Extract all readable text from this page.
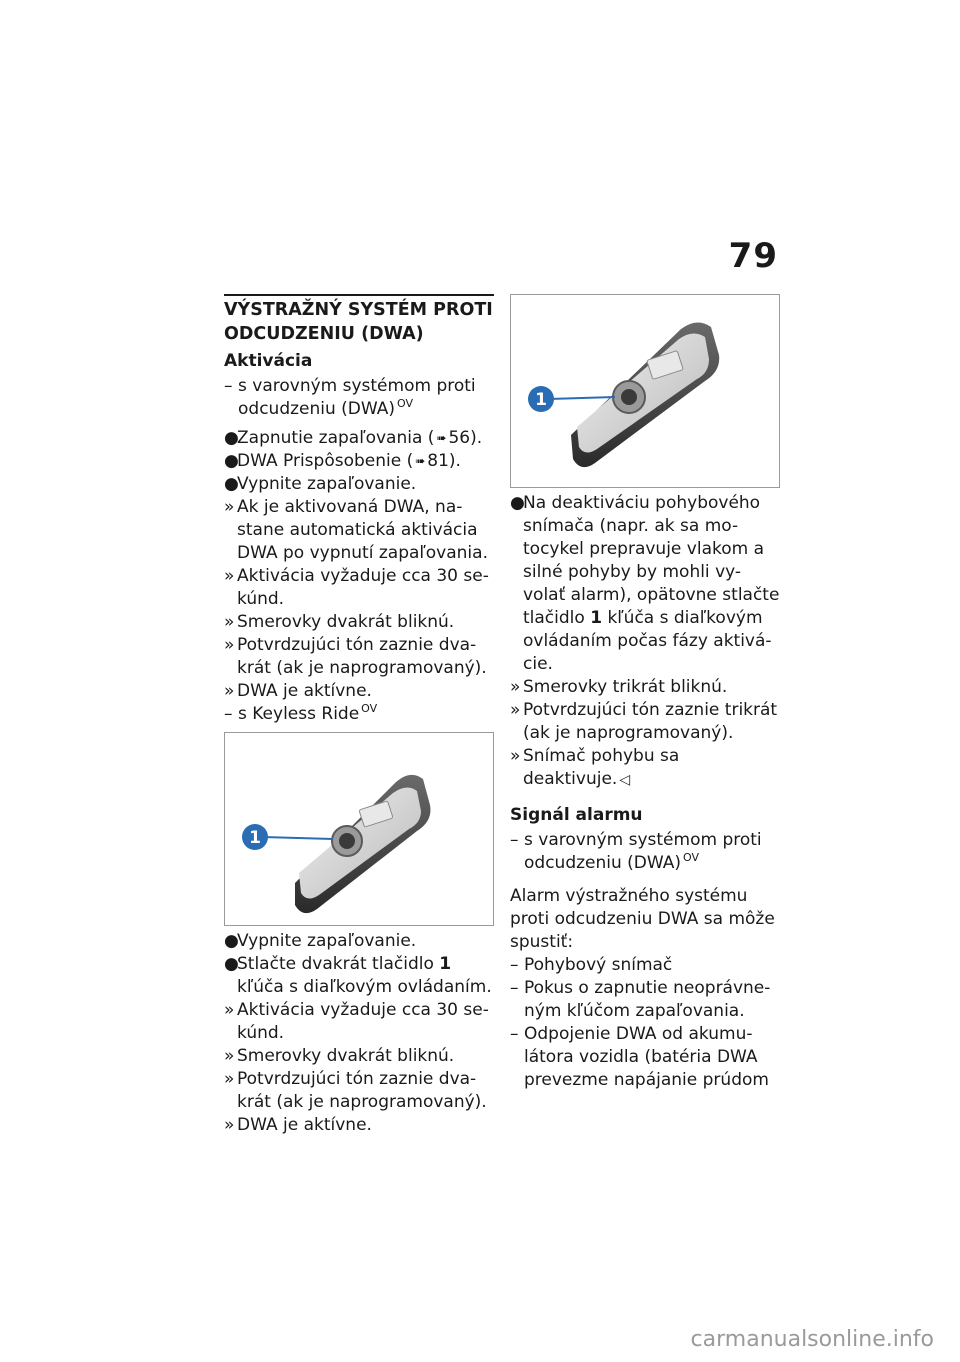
79
VÝSTRAŽNÝ SYSTÉM PROTI ODCUDZENIU (DWA)
Aktivácia

– s varovným systémom proti odcudzeniu (DWA) $^{OV}$

●
Zapnutie zapaľovania ( ➠ 56).

●
DWA Prispôsobenie ( ➠ 81).

●
Vypnite zapaľovanie.

» Ak je aktivovaná DWA, na-stane automatická aktivácia DWA po vypnutí zapaľovania.

» Aktivácia vyžaduje cca 30 se-kúnd.

» Smerovky dvakrát bliknú.

» Potvrdzujúci tón zaznie dva-krát (ak je naprogramovaný).

» DWA je aktívne.

– s Keyless Ride $^{OV}$

1

●
Vypnite zapaľovanie.

●
Stlačte dvakrát tlačidlo 1 kľúča s diaľkovým ovládaním.

» Aktivácia vyžaduje cca 30 se-kúnd.

» Smerovky dvakrát bliknú.

» Potvrdzujúci tón zaznie dva-krát (ak je naprogramovaný).

» DWA je aktívne.

1

●
Na deaktiváciu pohybového snímača (napr. ak sa mo-tocykel prepravuje vlakom a silné pohyby by mohli vy-volať alarm), opätovne stlačte tlačidlo 1 kľúča s diaľkovým ovládaním počas fázy aktivá-cie.

» Smerovky trikrát bliknú.

» Potvrdzujúci tón zaznie trikrát (ak je naprogramovaný).

» Snímač pohybu sa deaktivuje. ◁

Signál alarmu

– s varovným systémom proti odcudzeniu (DWA) $^{OV}$

Alarm výstražného systému proti odcudzeniu DWA sa môže spustiť:

– Pohybový snímač

– Pokus o zapnutie neoprávne-ným kľúčom zapaľovania.

– Odpojenie DWA od akumu-látora vozidla (batéria DWA prevezme napájanie prúdom

carmanualsonline.info
